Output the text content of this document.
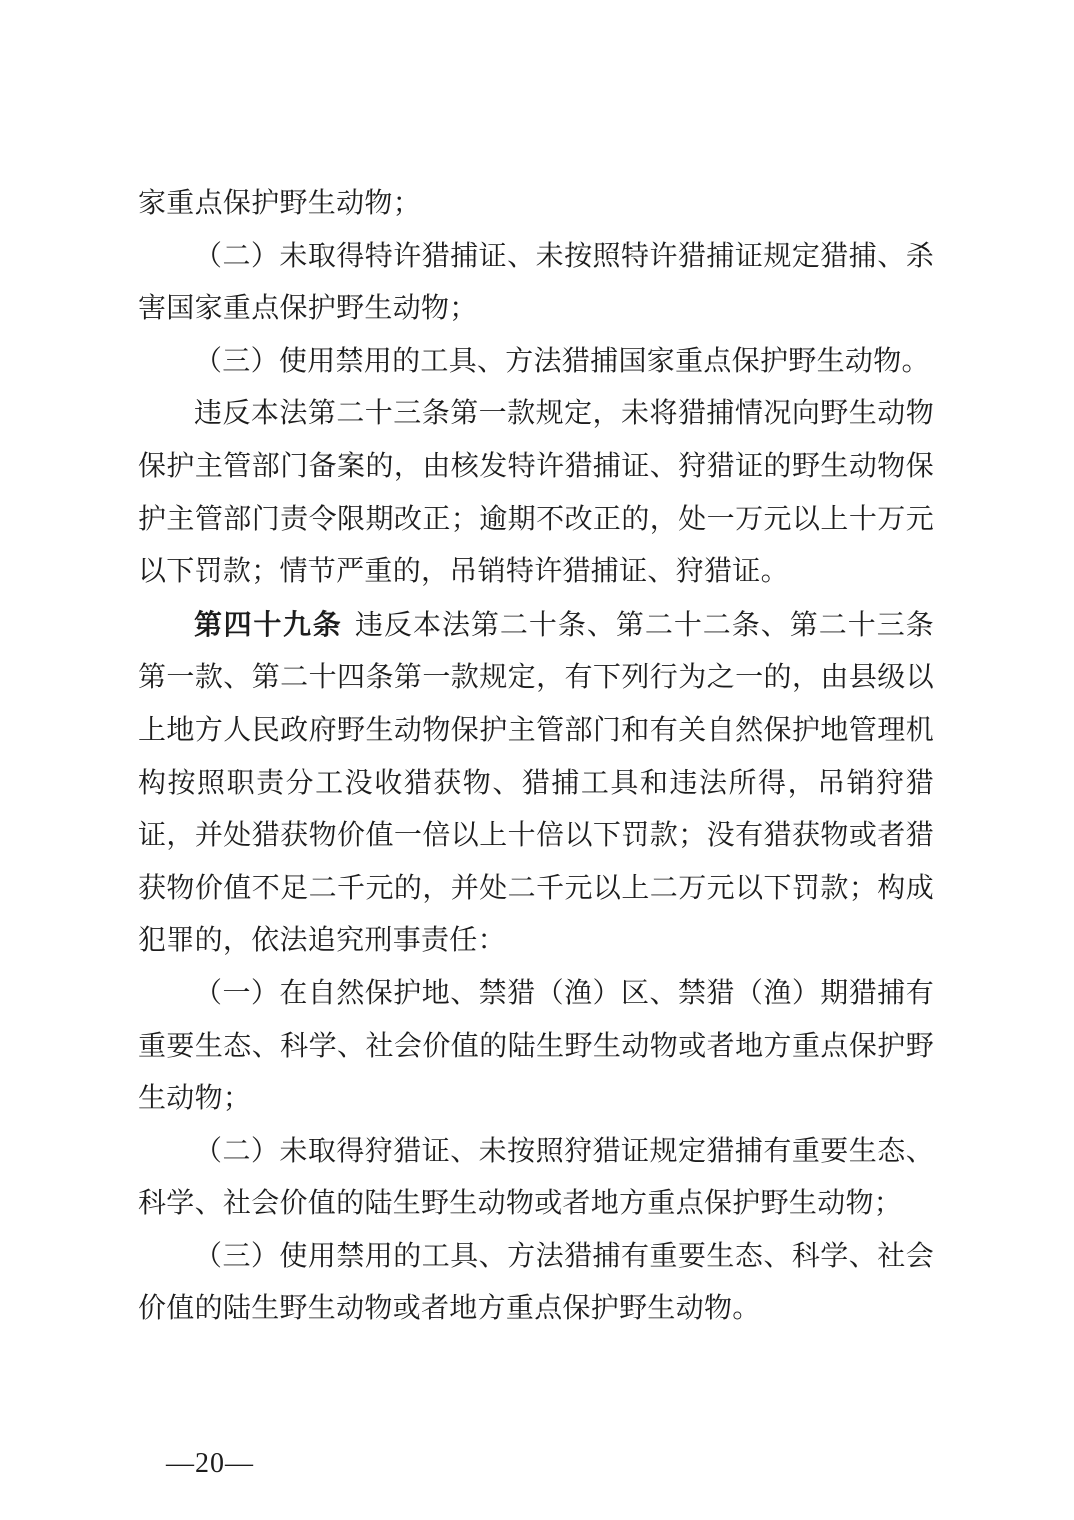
家重点保护野生动物；

（二）未取得特许猎捕证、未按照特许猎捕证规定猎捕、杀害国家重点保护野生动物；

（三）使用禁用的工具、方法猎捕国家重点保护野生动物。

违反本法第二十三条第一款规定，未将猎捕情况向野生动物保护主管部门备案的，由核发特许猎捕证、狩猎证的野生动物保护主管部门责令限期改正；逾期不改正的，处一万元以上十万元以下罚款；情节严重的，吊销特许猎捕证、狩猎证。

第四十九条 违反本法第二十条、第二十二条、第二十三条第一款、第二十四条第一款规定，有下列行为之一的，由县级以上地方人民政府野生动物保护主管部门和有关自然保护地管理机构按照职责分工没收猎获物、猎捕工具和违法所得，吊销狩猎证，并处猎获物价值一倍以上十倍以下罚款；没有猎获物或者猎获物价值不足二千元的，并处二千元以上二万元以下罚款；构成犯罪的，依法追究刑事责任：

（一）在自然保护地、禁猎（渔）区、禁猎（渔）期猎捕有重要生态、科学、社会价值的陆生野生动物或者地方重点保护野生动物；

（二）未取得狩猎证、未按照狩猎证规定猎捕有重要生态、科学、社会价值的陆生野生动物或者地方重点保护野生动物；

（三）使用禁用的工具、方法猎捕有重要生态、科学、社会价值的陆生野生动物或者地方重点保护野生动物。

—20—
